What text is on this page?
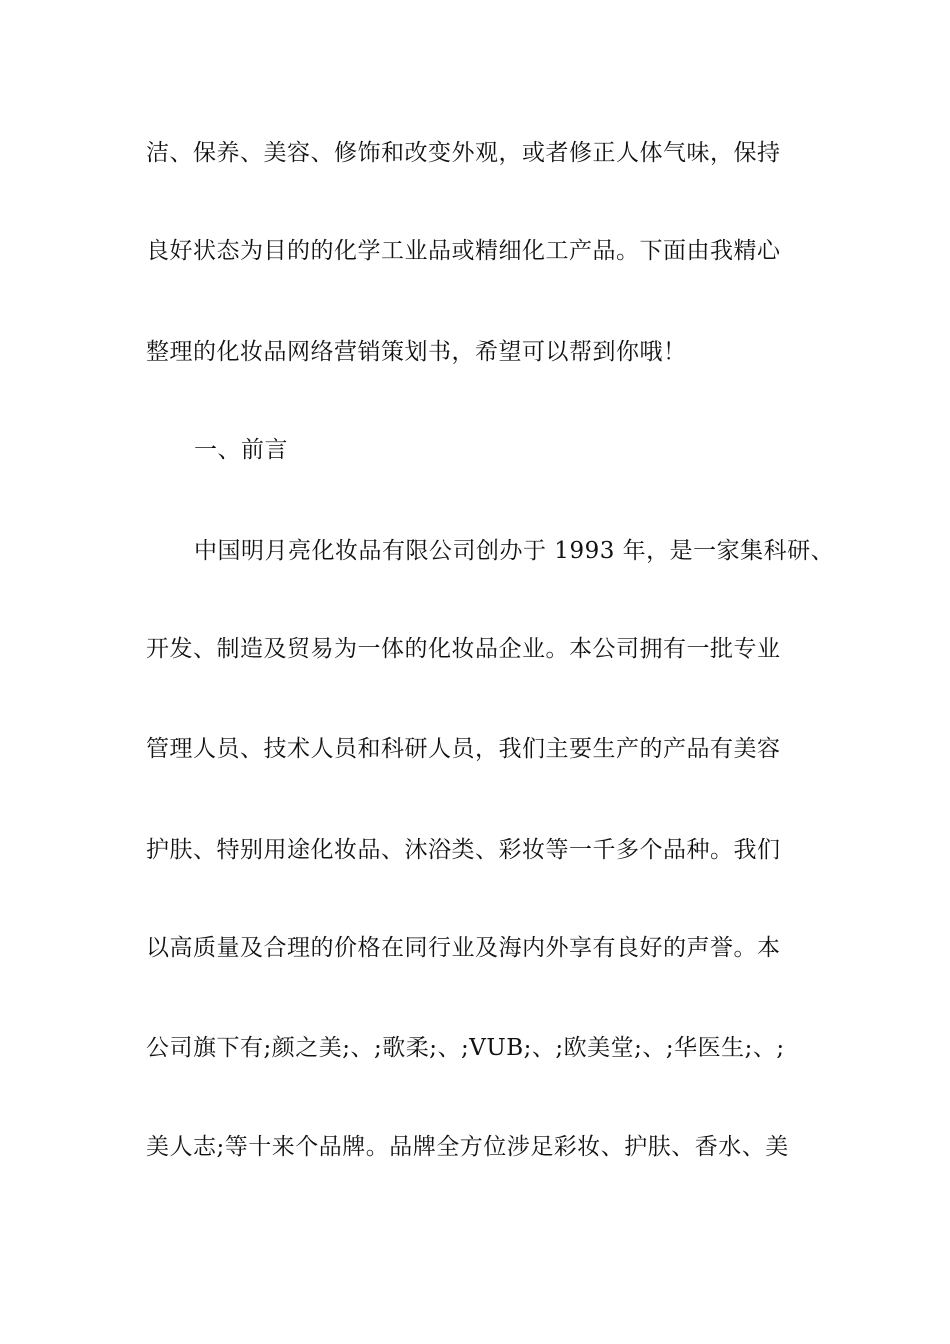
洁、保养、美容、修饰和改变外观，或者修正人体气味，保持
良好状态为目的的化学工业品或精细化工产品。下面由我精心
整理的化妆品网络营销策划书，希望可以帮到你哦！
一、前言
中国明月亮化妆品有限公司创办于 1993 年，是一家集科研、
开发、制造及贸易为一体的化妆品企业。本公司拥有一批专业
管理人员、技术人员和科研人员，我们主要生产的产品有美容
护肤、特别用途化妆品、沐浴类、彩妆等一千多个品种。我们
以高质量及合理的价格在同行业及海内外享有良好的声誉。本
公司旗下有;颜之美;、;歌柔;、;VUB;、;欧美堂;、;华医生;、;
美人志;等十来个品牌。品牌全方位涉足彩妆、护肤、香水、美
